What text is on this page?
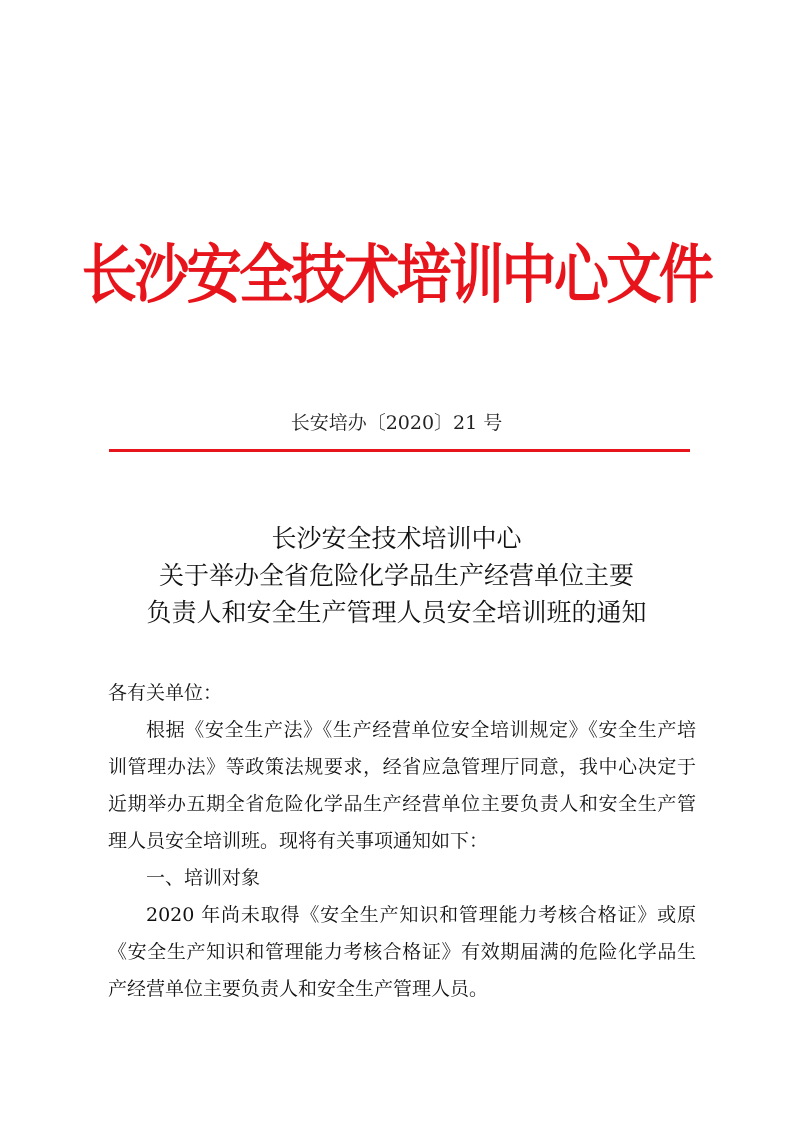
长沙安全技术培训中心文件
长安培办〔2020〕21 号
长沙安全技术培训中心
关于举办全省危险化学品生产经营单位主要
负责人和安全生产管理人员安全培训班的通知

各有关单位：

根据《安全生产法》《生产经营单位安全培训规定》《安全生产培训管理办法》等政策法规要求，经省应急管理厅同意，我中心决定于近期举办五期全省危险化学品生产经营单位主要负责人和安全生产管理人员安全培训班。现将有关事项通知如下：

一、培训对象

2020 年尚未取得《安全生产知识和管理能力考核合格证》或原《安全生产知识和管理能力考核合格证》有效期届满的危险化学品生产经营单位主要负责人和安全生产管理人员。
